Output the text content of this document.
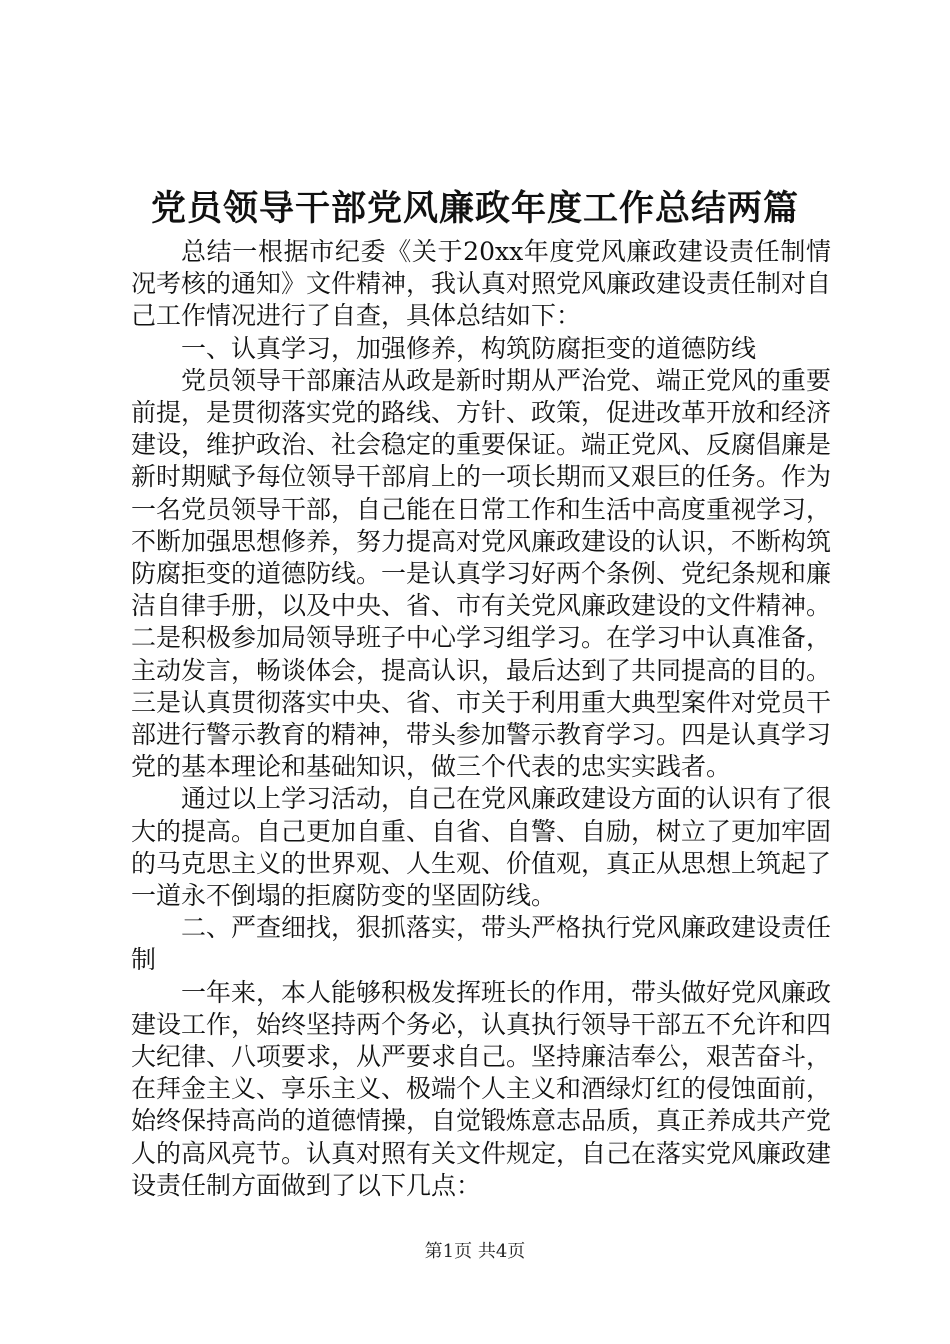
党员领导干部党风廉政年度工作总结两篇

总结一根据市纪委《关于20xx年度党风廉政建设责任制情况考核的通知》文件精神，我认真对照党风廉政建设责任制对自己工作情况进行了自查，具体总结如下：

一、认真学习，加强修养，构筑防腐拒变的道德防线

党员领导干部廉洁从政是新时期从严治党、端正党风的重要前提，是贯彻落实党的路线、方针、政策，促进改革开放和经济建设，维护政治、社会稳定的重要保证。端正党风、反腐倡廉是新时期赋予每位领导干部肩上的一项长期而又艰巨的任务。作为一名党员领导干部，自己能在日常工作和生活中高度重视学习，不断加强思想修养，努力提高对党风廉政建设的认识，不断构筑防腐拒变的道德防线。一是认真学习好两个条例、党纪条规和廉洁自律手册，以及中央、省、市有关党风廉政建设的文件精神。二是积极参加局领导班子中心学习组学习。在学习中认真准备，主动发言，畅谈体会，提高认识，最后达到了共同提高的目的。三是认真贯彻落实中央、省、市关于利用重大典型案件对党员干部进行警示教育的精神，带头参加警示教育学习。四是认真学习党的基本理论和基础知识，做三个代表的忠实实践者。

通过以上学习活动，自己在党风廉政建设方面的认识有了很大的提高。自己更加自重、自省、自警、自励，树立了更加牢固的马克思主义的世界观、人生观、价值观，真正从思想上筑起了一道永不倒塌的拒腐防变的坚固防线。

二、严查细找，狠抓落实，带头严格执行党风廉政建设责任制

一年来，本人能够积极发挥班长的作用，带头做好党风廉政建设工作，始终坚持两个务必，认真执行领导干部五不允许和四大纪律、八项要求，从严要求自己。坚持廉洁奉公，艰苦奋斗，在拜金主义、享乐主义、极端个人主义和酒绿灯红的侵蚀面前，始终保持高尚的道德情操，自觉锻炼意志品质，真正养成共产党人的高风亮节。认真对照有关文件规定，自己在落实党风廉政建设责任制方面做到了以下几点：

第1页 共4页
